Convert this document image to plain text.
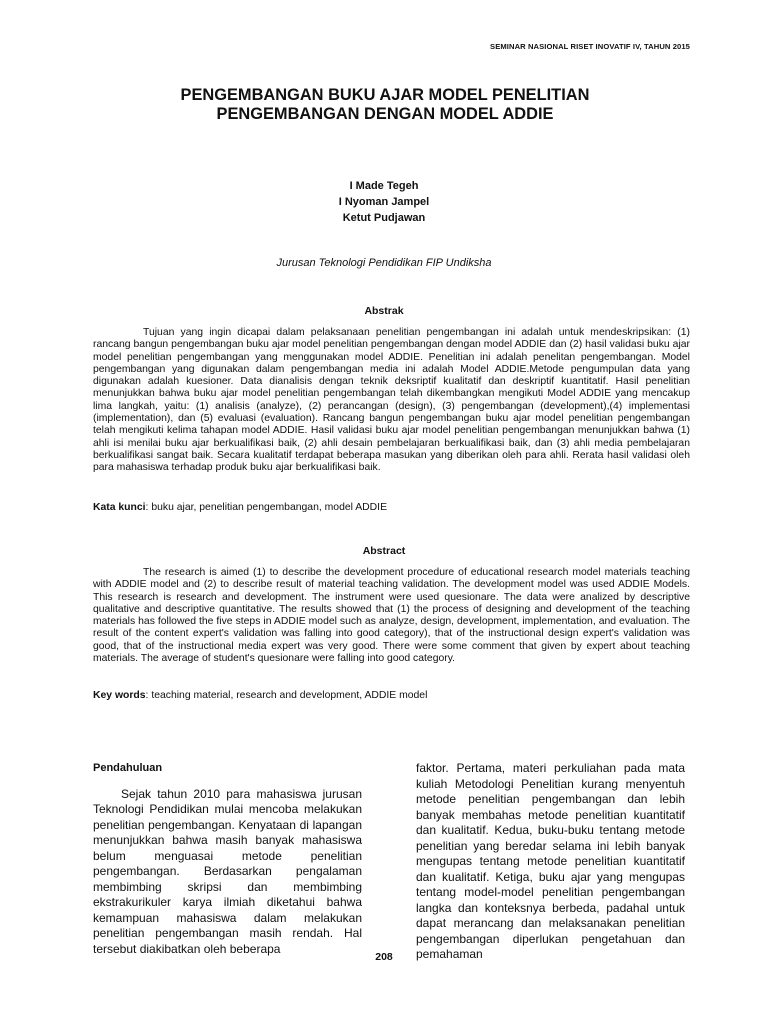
SEMINAR NASIONAL RISET INOVATIF IV, TAHUN 2015
PENGEMBANGAN BUKU AJAR MODEL PENELITIAN
PENGEMBANGAN DENGAN MODEL ADDIE
I Made Tegeh
I Nyoman Jampel
Ketut Pudjawan
Jurusan Teknologi Pendidikan FIP Undiksha
Abstrak

Tujuan yang ingin dicapai dalam pelaksanaan penelitian pengembangan ini adalah untuk mendeskripsikan: (1) rancang bangun pengembangan buku ajar model penelitian pengembangan dengan model ADDIE dan (2) hasil validasi buku ajar model penelitian pengembangan yang menggunakan model ADDIE. Penelitian ini adalah penelitan pengembangan. Model pengembangan yang digunakan dalam pengembangan media ini adalah Model ADDIE.Metode pengumpulan data yang digunakan adalah kuesioner. Data dianalisis dengan teknik deksriptif kualitatif dan deskriptif kuantitatif. Hasil penelitian menunjukkan bahwa buku ajar model penelitian pengembangan telah dikembangkan mengikuti Model ADDIE yang mencakup lima langkah, yaitu: (1) analisis (analyze), (2) perancangan (design), (3) pengembangan (development),(4) implementasi (implementation), dan (5) evaluasi (evaluation). Rancang bangun pengembangan buku ajar model penelitian pengembangan telah mengikuti kelima tahapan model ADDIE. Hasil validasi buku ajar model penelitian pengembangan menunjukkan bahwa (1) ahli isi menilai buku ajar berkualifikasi baik, (2) ahli desain pembelajaran berkualifikasi baik, dan (3) ahli media pembelajaran berkualifikasi sangat baik. Secara kualitatif terdapat beberapa masukan yang diberikan oleh para ahli. Rerata hasil validasi oleh para mahasiswa terhadap produk buku ajar berkualifikasi baik.

Kata kunci: buku ajar, penelitian pengembangan, model ADDIE
Abstract

The research is aimed (1) to describe the development procedure of educational research model materials teaching with ADDIE model and (2) to describe result of material teaching validation. The development model was used ADDIE Models. This research is research and development. The instrument were used quesionare. The data were analized by descriptive qualitative and descriptive quantitative. The results showed that (1) the process of designing and development of the teaching materials has followed the five steps in ADDIE model such as analyze, design, development, implementation, and evaluation. The result of the content expert's validation was falling into good category), that of the instructional design expert's validation was good, that of the instructional media expert was very good. There were some comment that given by expert about teaching materials. The average of student's quesionare were falling into good category.

Key words: teaching material, research and development, ADDIE model
Pendahuluan

Sejak tahun 2010 para mahasiswa jurusan Teknologi Pendidikan mulai mencoba melakukan penelitian pengembangan. Kenyataan di lapangan menunjukkan bahwa masih banyak mahasiswa belum menguasai metode penelitian pengembangan. Berdasarkan pengalaman membimbing skripsi dan membimbing ekstrakurikuler karya ilmiah diketahui bahwa kemampuan mahasiswa dalam melakukan penelitian pengembangan masih rendah. Hal tersebut diakibatkan oleh beberapa

faktor. Pertama, materi perkuliahan pada mata kuliah Metodologi Penelitian kurang menyentuh metode penelitian pengembangan dan lebih banyak membahas metode penelitian kuantitatif dan kualitatif. Kedua, buku-buku tentang metode penelitian yang beredar selama ini lebih banyak mengupas tentang metode penelitian kuantitatif dan kualitatif. Ketiga, buku ajar yang mengupas tentang model-model penelitian pengembangan langka dan konteksnya berbeda, padahal untuk dapat merancang dan melaksanakan penelitian pengembangan diperlukan pengetahuan dan pemahaman

208
